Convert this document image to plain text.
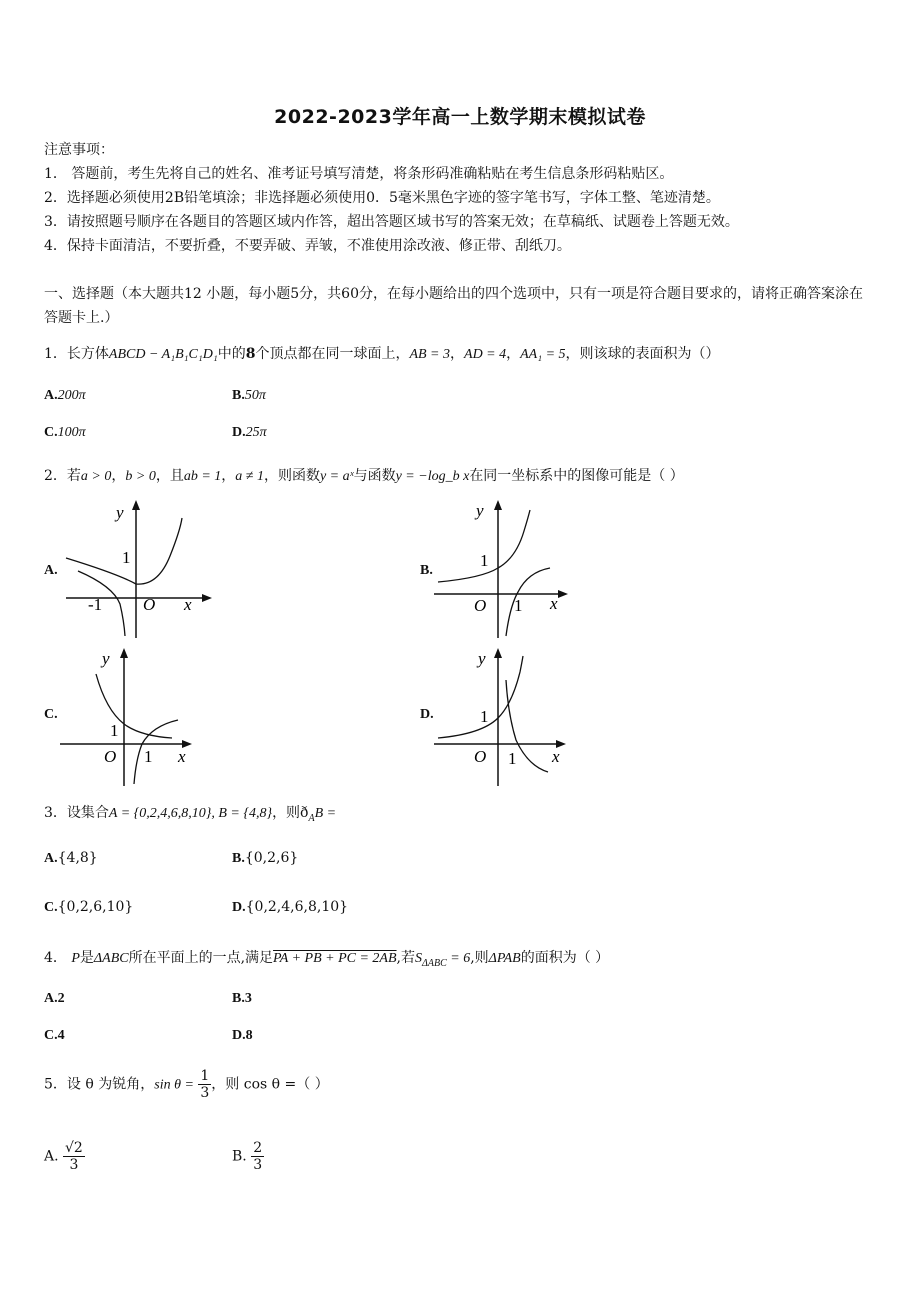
2022-2023学年高一上数学期末模拟试卷
注意事项：
1． 答题前，考生先将自己的姓名、准考证号填写清楚，将条形码准确粘贴在考生信息条形码粘贴区。
2．选择题必须使用2B铅笔填涂；非选择题必须使用0．5毫米黑色字迹的签字笔书写，字体工整、笔迹清楚。
3．请按照题号顺序在各题目的答题区域内作答，超出答题区域书写的答案无效；在草稿纸、试题卷上答题无效。
4．保持卡面清洁，不要折叠，不要弄破、弄皱，不准使用涂改液、修正带、刮纸刀。
一、选择题（本大题共12 小题，每小题5分，共60分，在每小题给出的四个选项中，只有一项是符合题目要求的，请将正确答案涂在答题卡上.）
1．长方体ABCD − A₁B₁C₁D₁中的8个顶点都在同一球面上，AB = 3，AD = 4，AA₁ = 5，则该球的表面积为（）
A.200π	B.50π
C.100π	D.25π
2．若a > 0，b > 0，且ab = 1，a ≠ 1，则函数y = aˣ与函数y = −log_b x在同一坐标系中的图像可能是（ ）
A.
y
x
O
1
-1
B.
y
x
O
1
1
C.
y
x
O
1
1
D.
y
x
O
1
1
3．设集合A = {0,2,4,6,8,10}, B = {4,8}，则$ð_AB$ =
A.{4,8}	B.{0,2,6}
C.{0,2,6,10}	D.{0,2,4,6,8,10}
4． P是ΔABC所在平面上的一点,满足PA + PB + PC = 2AB,若$S_{\Delta ABC} = 6$,则ΔPAB的面积为（ ）
A.2	B.3
C.4	D.8
5．设 θ 为锐角，$\sin \theta = \frac{1}{3}$ ，则 cos θ =（ ）
A. $\frac{√2}{3}$	B. $\frac{2}{3}$
